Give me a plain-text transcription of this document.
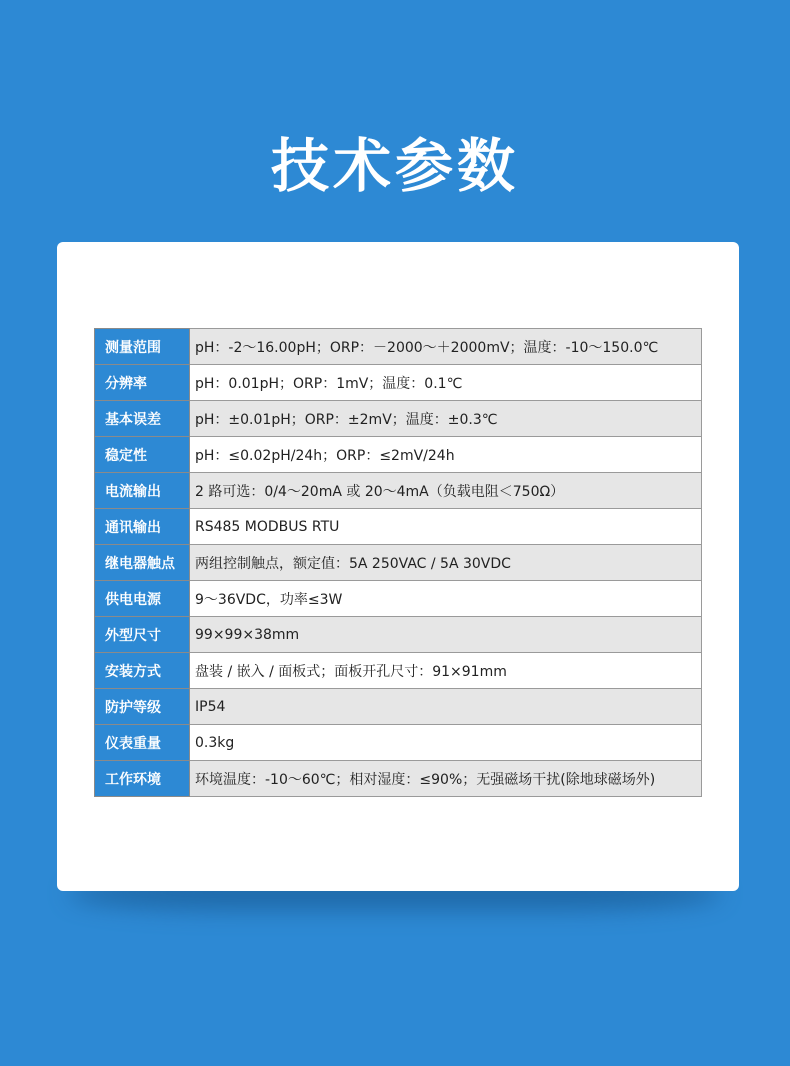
技术参数
测量范围	pH：-2～16.00pH；ORP：－2000～＋2000mV；温度：-10～150.0℃
分辨率	pH：0.01pH；ORP：1mV；温度：0.1℃
基本误差	pH：±0.01pH；ORP：±2mV；温度：±0.3℃
稳定性	pH：≤0.02pH/24h；ORP：≤2mV/24h
电流输出	2 路可选：0/4～20mA 或 20～4mA（负载电阻＜750Ω）
通讯输出	RS485 MODBUS RTU
继电器触点	两组控制触点，额定值：5A 250VAC / 5A 30VDC
供电电源	9～36VDC，功率≤3W
外型尺寸	99×99×38mm
安装方式	盘装 / 嵌入 / 面板式；面板开孔尺寸：91×91mm
防护等级	IP54
仪表重量	0.3kg
工作环境	环境温度：-10～60℃；相对湿度：≤90%；无强磁场干扰(除地球磁场外)
